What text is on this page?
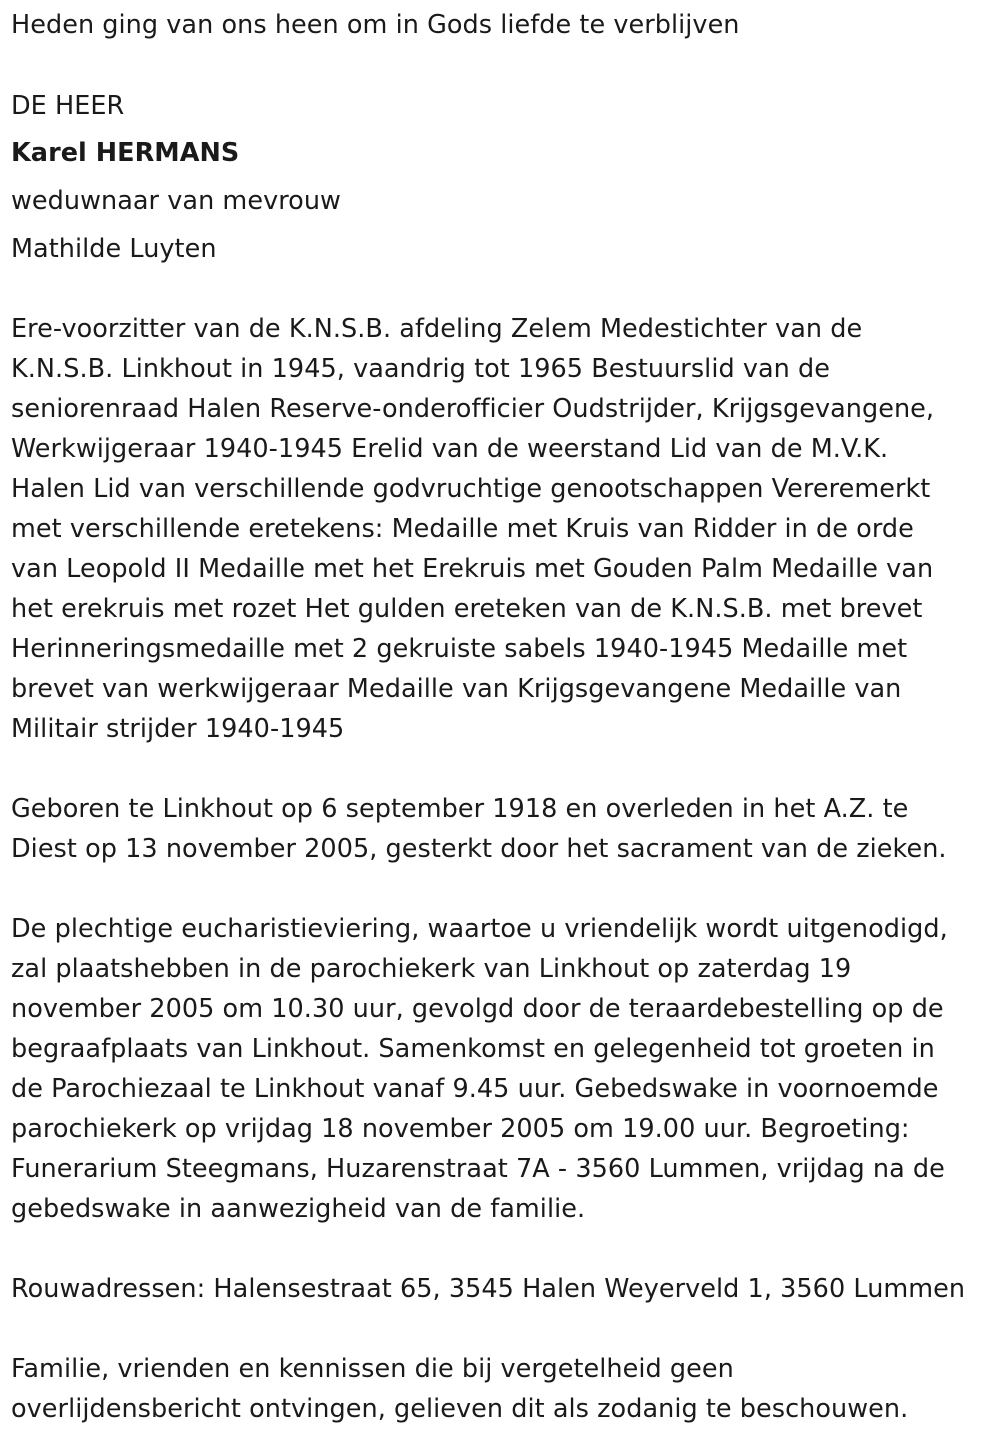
Heden ging van ons heen om in Gods liefde te verblijven
DE HEER
Karel HERMANS
weduwnaar van mevrouw
Mathilde Luyten
Ere-voorzitter van de K.N.S.B. afdeling Zelem Medestichter van de
K.N.S.B. Linkhout in 1945, vaandrig tot 1965 Bestuurslid van de
seniorenraad Halen Reserve-onderofficier Oudstrijder, Krijgsgevangene,
Werkwijgeraar 1940-1945 Erelid van de weerstand Lid van de M.V.K.
Halen Lid van verschillende godvruchtige genootschappen Vereremerkt
met verschillende eretekens: Medaille met Kruis van Ridder in de orde
van Leopold II Medaille met het Erekruis met Gouden Palm Medaille van
het erekruis met rozet Het gulden ereteken van de K.N.S.B. met brevet
Herinneringsmedaille met 2 gekruiste sabels 1940-1945 Medaille met
brevet van werkwijgeraar Medaille van Krijgsgevangene Medaille van
Militair strijder 1940-1945
Geboren te Linkhout op 6 september 1918 en overleden in het A.Z. te
Diest op 13 november 2005, gesterkt door het sacrament van de zieken.
De plechtige eucharistieviering, waartoe u vriendelijk wordt uitgenodigd,
zal plaatshebben in de parochiekerk van Linkhout op zaterdag 19
november 2005 om 10.30 uur, gevolgd door de teraardebestelling op de
begraafplaats van Linkhout. Samenkomst en gelegenheid tot groeten in
de Parochiezaal te Linkhout vanaf 9.45 uur. Gebedswake in voornoemde
parochiekerk op vrijdag 18 november 2005 om 19.00 uur. Begroeting:
Funerarium Steegmans, Huzarenstraat 7A - 3560 Lummen, vrijdag na de
gebedswake in aanwezigheid van de familie.
Rouwadressen: Halensestraat 65, 3545 Halen Weyerveld 1, 3560 Lummen
Familie, vrienden en kennissen die bij vergetelheid geen
overlijdensbericht ontvingen, gelieven dit als zodanig te beschouwen.
